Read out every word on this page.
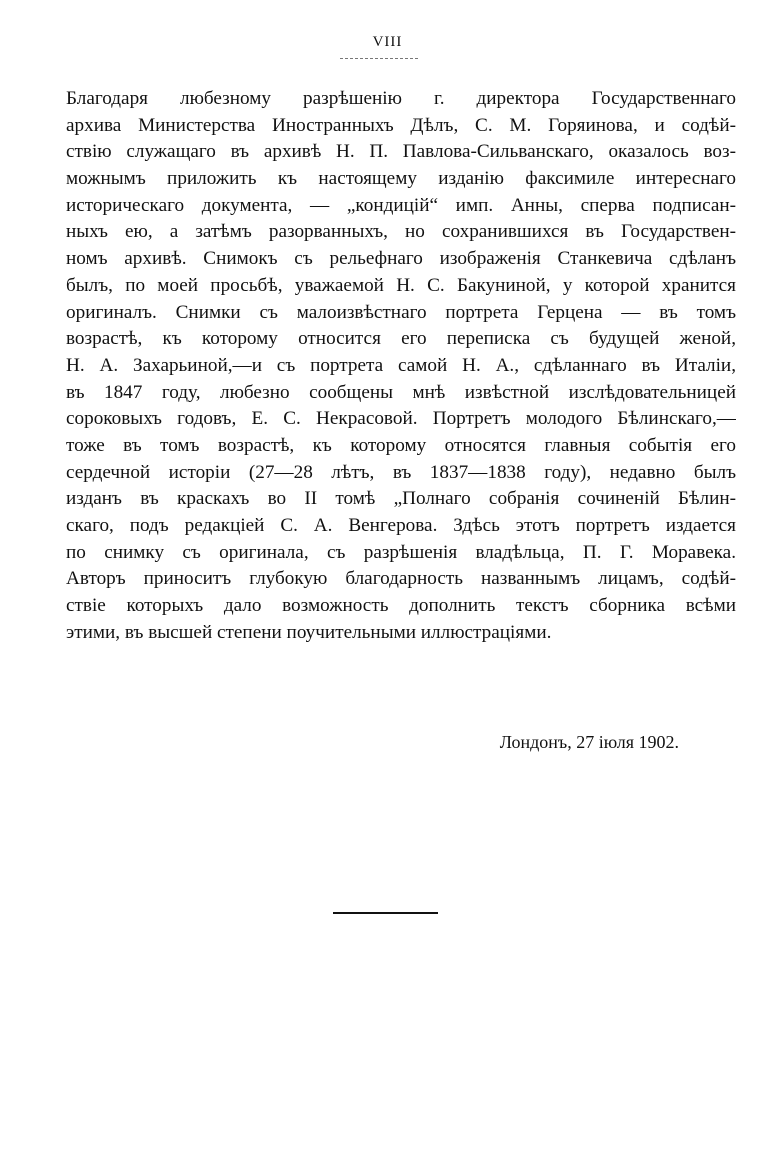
VIII
Благодаря любезному разрѣшенію г. директора Государственнаго
архива Министерства Иностранныхъ Дѣлъ, С. М. Горяинова, и содѣй-
ствію служащаго въ архивѣ Н. П. Павлова-Сильванскаго, оказалось воз-
можнымъ приложить къ настоящему изданію факсимиле интереснаго
историческаго документа, — „кондицій“ имп. Анны, сперва подписан-
ныхъ ею, а затѣмъ разорванныхъ, но сохранившихся въ Государствен-
номъ архивѣ. Снимокъ съ рельефнаго изображенія Станкевича сдѣланъ
былъ, по моей просьбѣ, уважаемой Н. С. Бакуниной, у которой хранится
оригиналъ. Снимки съ малоизвѣстнаго портрета Герцена — въ томъ
возрастѣ, къ которому относится его переписка съ будущей женой,
Н. А. Захарьиной,—и съ портрета самой Н. А., сдѣланнаго въ Италіи,
въ 1847 году, любезно сообщены мнѣ извѣстной изслѣдовательницей
сороковыхъ годовъ, Е. С. Некрасовой. Портретъ молодого Бѣлинскаго,—
тоже въ томъ возрастѣ, къ которому относятся главныя событія его
сердечной исторіи (27—28 лѣтъ, въ 1837—1838 году), недавно былъ
изданъ въ краскахъ во II томѣ „Полнаго собранія сочиненій Бѣлин-
скаго, подъ редакціей С. А. Венгерова. Здѣсь этотъ портретъ издается
по снимку съ оригинала, съ разрѣшенія владѣльца, П. Г. Моравека.
Авторъ приноситъ глубокую благодарность названнымъ лицамъ, содѣй-
ствіе которыхъ дало возможность дополнить текстъ сборника всѣми
этими, въ высшей степени поучительными иллюстраціями.
Лондонъ, 27 іюля 1902.
